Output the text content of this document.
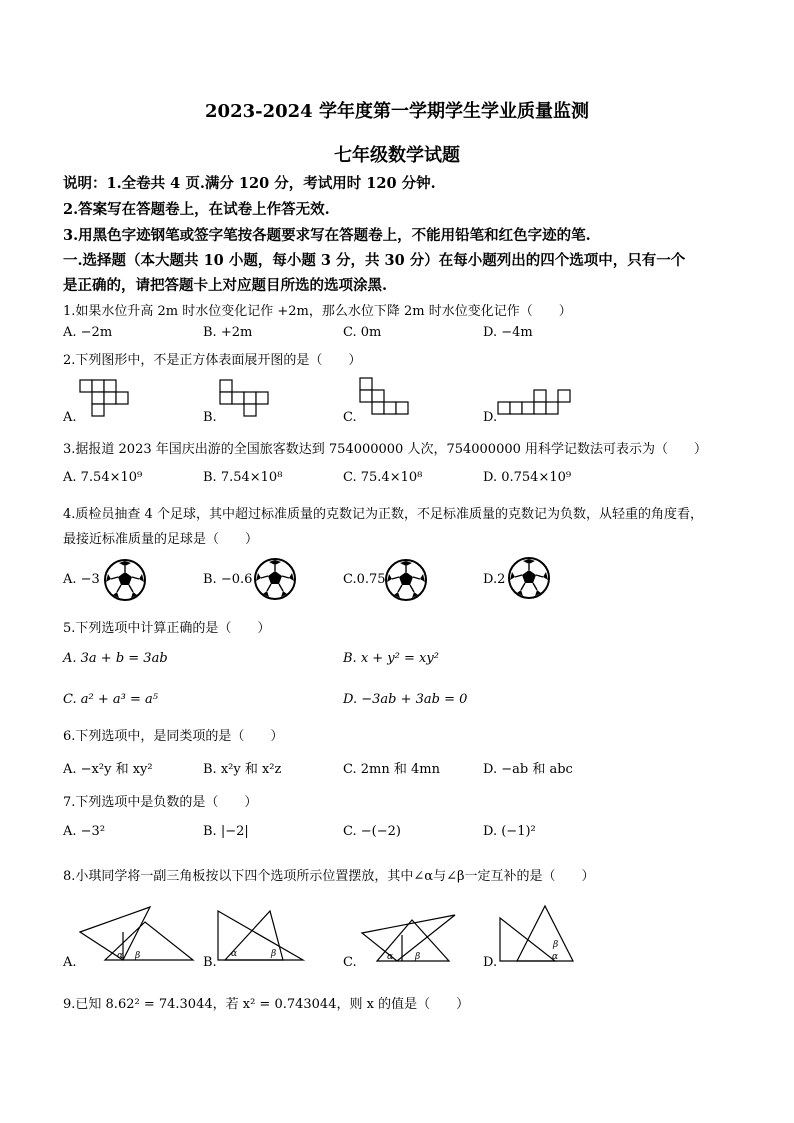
2023-2024 学年度第一学期学生学业质量监测
七年级数学试题
说明：1.全卷共 4 页.满分 120 分，考试用时 120 分钟.
2.答案写在答题卷上，在试卷上作答无效.
3.用黑色字迹钢笔或签字笔按各题要求写在答题卷上，不能用铅笔和红色字迹的笔.
一.选择题（本大题共 10 小题，每小题 3 分，共 30 分）在每小题列出的四个选项中，只有一个
是正确的，请把答题卡上对应题目所选的选项涂黑.
1.如果水位升高 2m 时水位变化记作 +2m，那么水位下降 2m 时水位变化记作（　　）
A. −2m	B. +2m	C. 0m	D. −4m
2.下列图形中，不是正方体表面展开图的是（　　）
A.	B.	C.	D.
3.据报道 2023 年国庆出游的全国旅客数达到 754000000 人次，754000000 用科学记数法可表示为（　　）
A. 7.54×10⁹	B. 7.54×10⁸	C. 75.4×10⁸	D. 0.754×10⁹
4.质检员抽查 4 个足球，其中超过标准质量的克数记为正数，不足标准质量的克数记为负数，从轻重的角度看，
最接近标准质量的足球是（　　）
A. −3	B. −0.6	C.0.75	D.2
5.下列选项中计算正确的是（　　）
A. 3a + b = 3ab	B. x + y² = xy²
C. a² + a³ = a⁵	D. −3ab + 3ab = 0
6.下列选项中，是同类项的是（　　）
A. −x²y 和 xy²	B. x²y 和 x²z	C. 2mn 和 4mn	D. −ab 和 abc
7.下列选项中是负数的是（　　）
A. −3²	B. |−2|	C. −(−2)	D. (−1)²
8.小琪同学将一副三角板按以下四个选项所示位置摆放，其中∠α与∠β一定互补的是（　　）
A.	B.	C.	D.
α β	α	β	α β
β
α
9.已知 8.62² = 74.3044，若 x² = 0.743044，则 x 的值是（　　）
